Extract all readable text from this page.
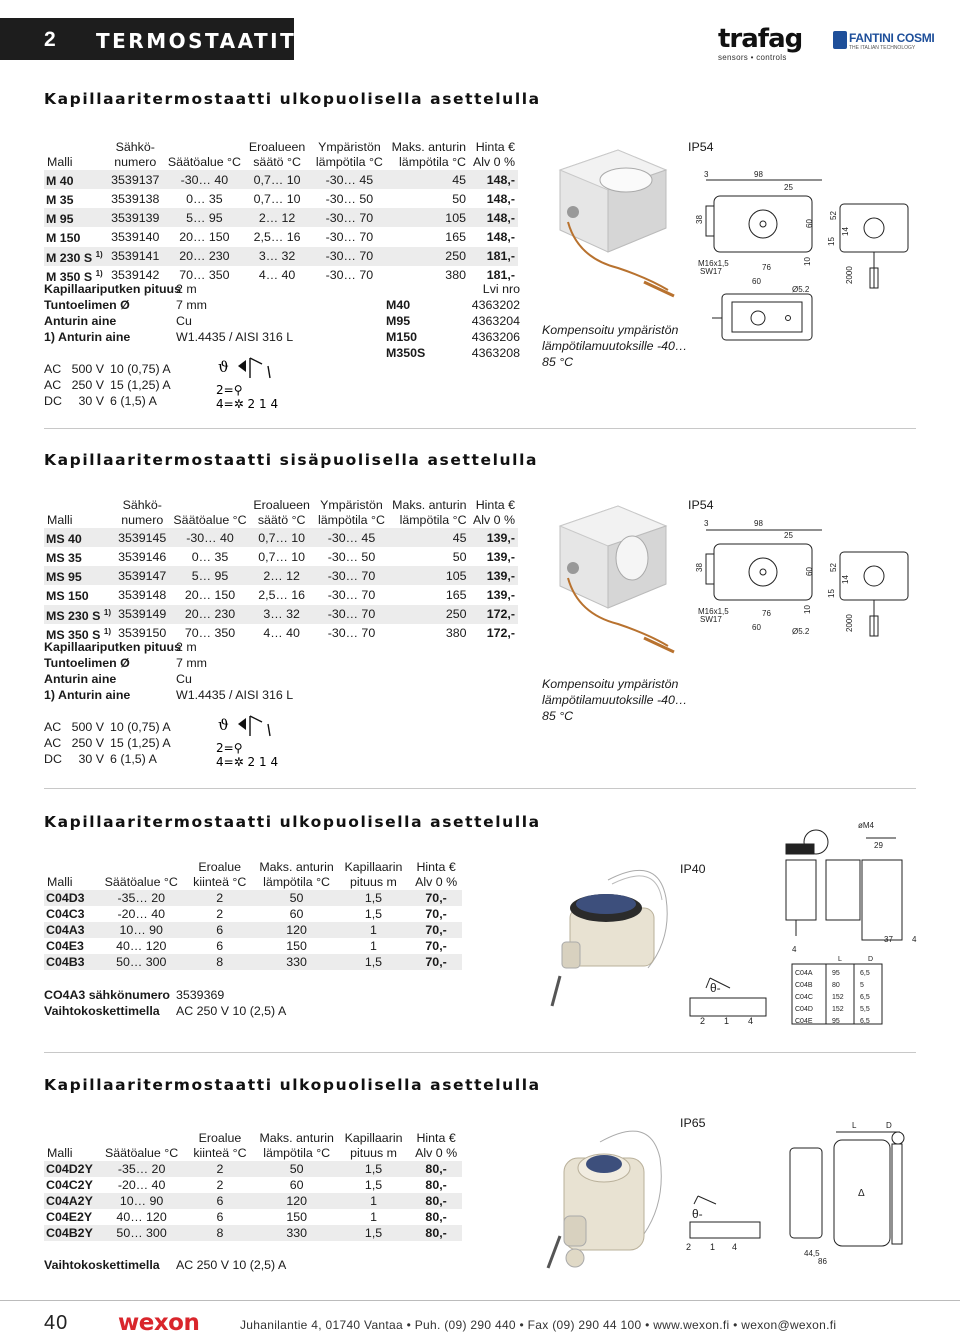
2 TERMOSTAATIT	trafag
sensors • controls
FANTINI COSMI
THE ITALIAN TECHNOLOGY
Kapillaaritermostaatti ulkopuolisella asettelulla
	Sähkö-		Eroalueen	Ympäristön	Maks. anturin	Hinta €
Malli	numero	Säätöalue °C	säätö °C	lämpötila °C	lämpötila °C	Alv 0 %
M 40	3539137	-30… 40	0,7… 10	-30… 45	45	148,-
M 35	3539138	0… 35	0,7… 10	-30… 50	50	148,-
M 95	3539139	5… 95	2… 12	-30… 70	105	148,-
M 150	3539140	20… 150	2,5… 16	-30… 70	165	148,-
M 230 S $^{1)}$	3539141	20… 230	3… 32	-30… 70	250	181,-
M 350 S $^{1)}$	3539142	70… 350	4… 40	-30… 70	380	181,-
Kapillaariputken pituus2 m
Tuntoelimen Ø	7 mm
Anturin aine	Cu
1) Anturin aine	W1.4435 / AISI 316 L
AC 500 V 10 (0,75) A
AC 250 V 15 (1,25) A
DC 30 V 6 (1,5) A
ϑ
2=⚲
4=✲ 2 1 4
	Lvi nro
M40	4363202
M95	4363204
M150	4363206
M350S	4363208
Kompensoitu ympäristön lämpötilamuutoksille -40… 85 °C
IP54
3	98
25
38
M16x1,5
SW17	76
10
60
15
14
52
2000
60
Ø5.2
Kapillaaritermostaatti sisäpuolisella asettelulla
	Sähkö-		Eroalueen	Ympäristön	Maks. anturin	Hinta €
Malli	numero	Säätöalue °C	säätö °C	lämpötila °C	lämpötila °C	Alv 0 %
MS 40	3539145	-30… 40	0,7… 10	-30… 45	45	139,-
MS 35	3539146	0… 35	0,7… 10	-30… 50	50	139,-
MS 95	3539147	5… 95	2… 12	-30… 70	105	139,-
MS 150	3539148	20… 150	2,5… 16	-30… 70	165	139,-
MS 230 S $^{1)}$	3539149	20… 230	3… 32	-30… 70	250	172,-
MS 350 S $^{1)}$	3539150	70… 350	4… 40	-30… 70	380	172,-
Kapillaariputken pituus2 m
Tuntoelimen Ø	7 mm
Anturin aine	Cu
1) Anturin aine	W1.4435 / AISI 316 L
AC 500 V 10 (0,75) A
AC 250 V 15 (1,25) A
DC 30 V 6 (1,5) A
ϑ
2=⚲
4=✲ 2 1 4
Kompensoitu ympäristön lämpötilamuutoksille -40… 85 °C
IP54
3	98
25
38
M16x1,5
SW17
76
60
10
52
14
15
2000
60	Ø5.2
Kapillaaritermostaatti ulkopuolisella asettelulla
		Eroalue	Maks. anturin	Kapillaarin	Hinta €
Malli	Säätöalue °C	kiinteä °C	lämpötila °C	pituus m	Alv 0 %
C04D3	-35… 20	2	50	1,5	70,-
C04C3	-20… 40	2	60	1,5	70,-
C04A3	10… 90	6	120	1	70,-
C04E3	40… 120	6	150	1	70,-
C04B3	50… 300	8	330	1,5	70,-
CO4A3 sähkönumero 3539369
Vaihtokoskettimella AC 250 V 10 (2,5) A
IP40
øM4
29
4
37 4
θ-
2 1 4
L	D
C04A	95	6,5
C04B	80	5
C04C	152 6,5
C04D	152 5,5
C04E	95	6,5
Kapillaaritermostaatti ulkopuolisella asettelulla
		Eroalue	Maks. anturin	Kapillaarin	Hinta €
Malli	Säätöalue °C	kiinteä °C	lämpötila °C	pituus m	Alv 0 %
C04D2Y	-35… 20	2	50	1,5	80,-
C04C2Y	-20… 40	2	60	1,5	80,-
C04A2Y	10… 90	6	120	1	80,-
C04E2Y	40… 120	6	150	1	80,-
C04B2Y	50… 300	8	330	1,5	80,-
Vaihtokoskettimella AC 250 V 10 (2,5) A
IP65	L	D
Δ
44,5
86
θ-
2 1 4
40 wexon	Juhanilantie 4, 01740 Vantaa • Puh. (09) 290 440 • Fax (09) 290 44 100 • www.wexon.fi • wexon@wexon.fi
